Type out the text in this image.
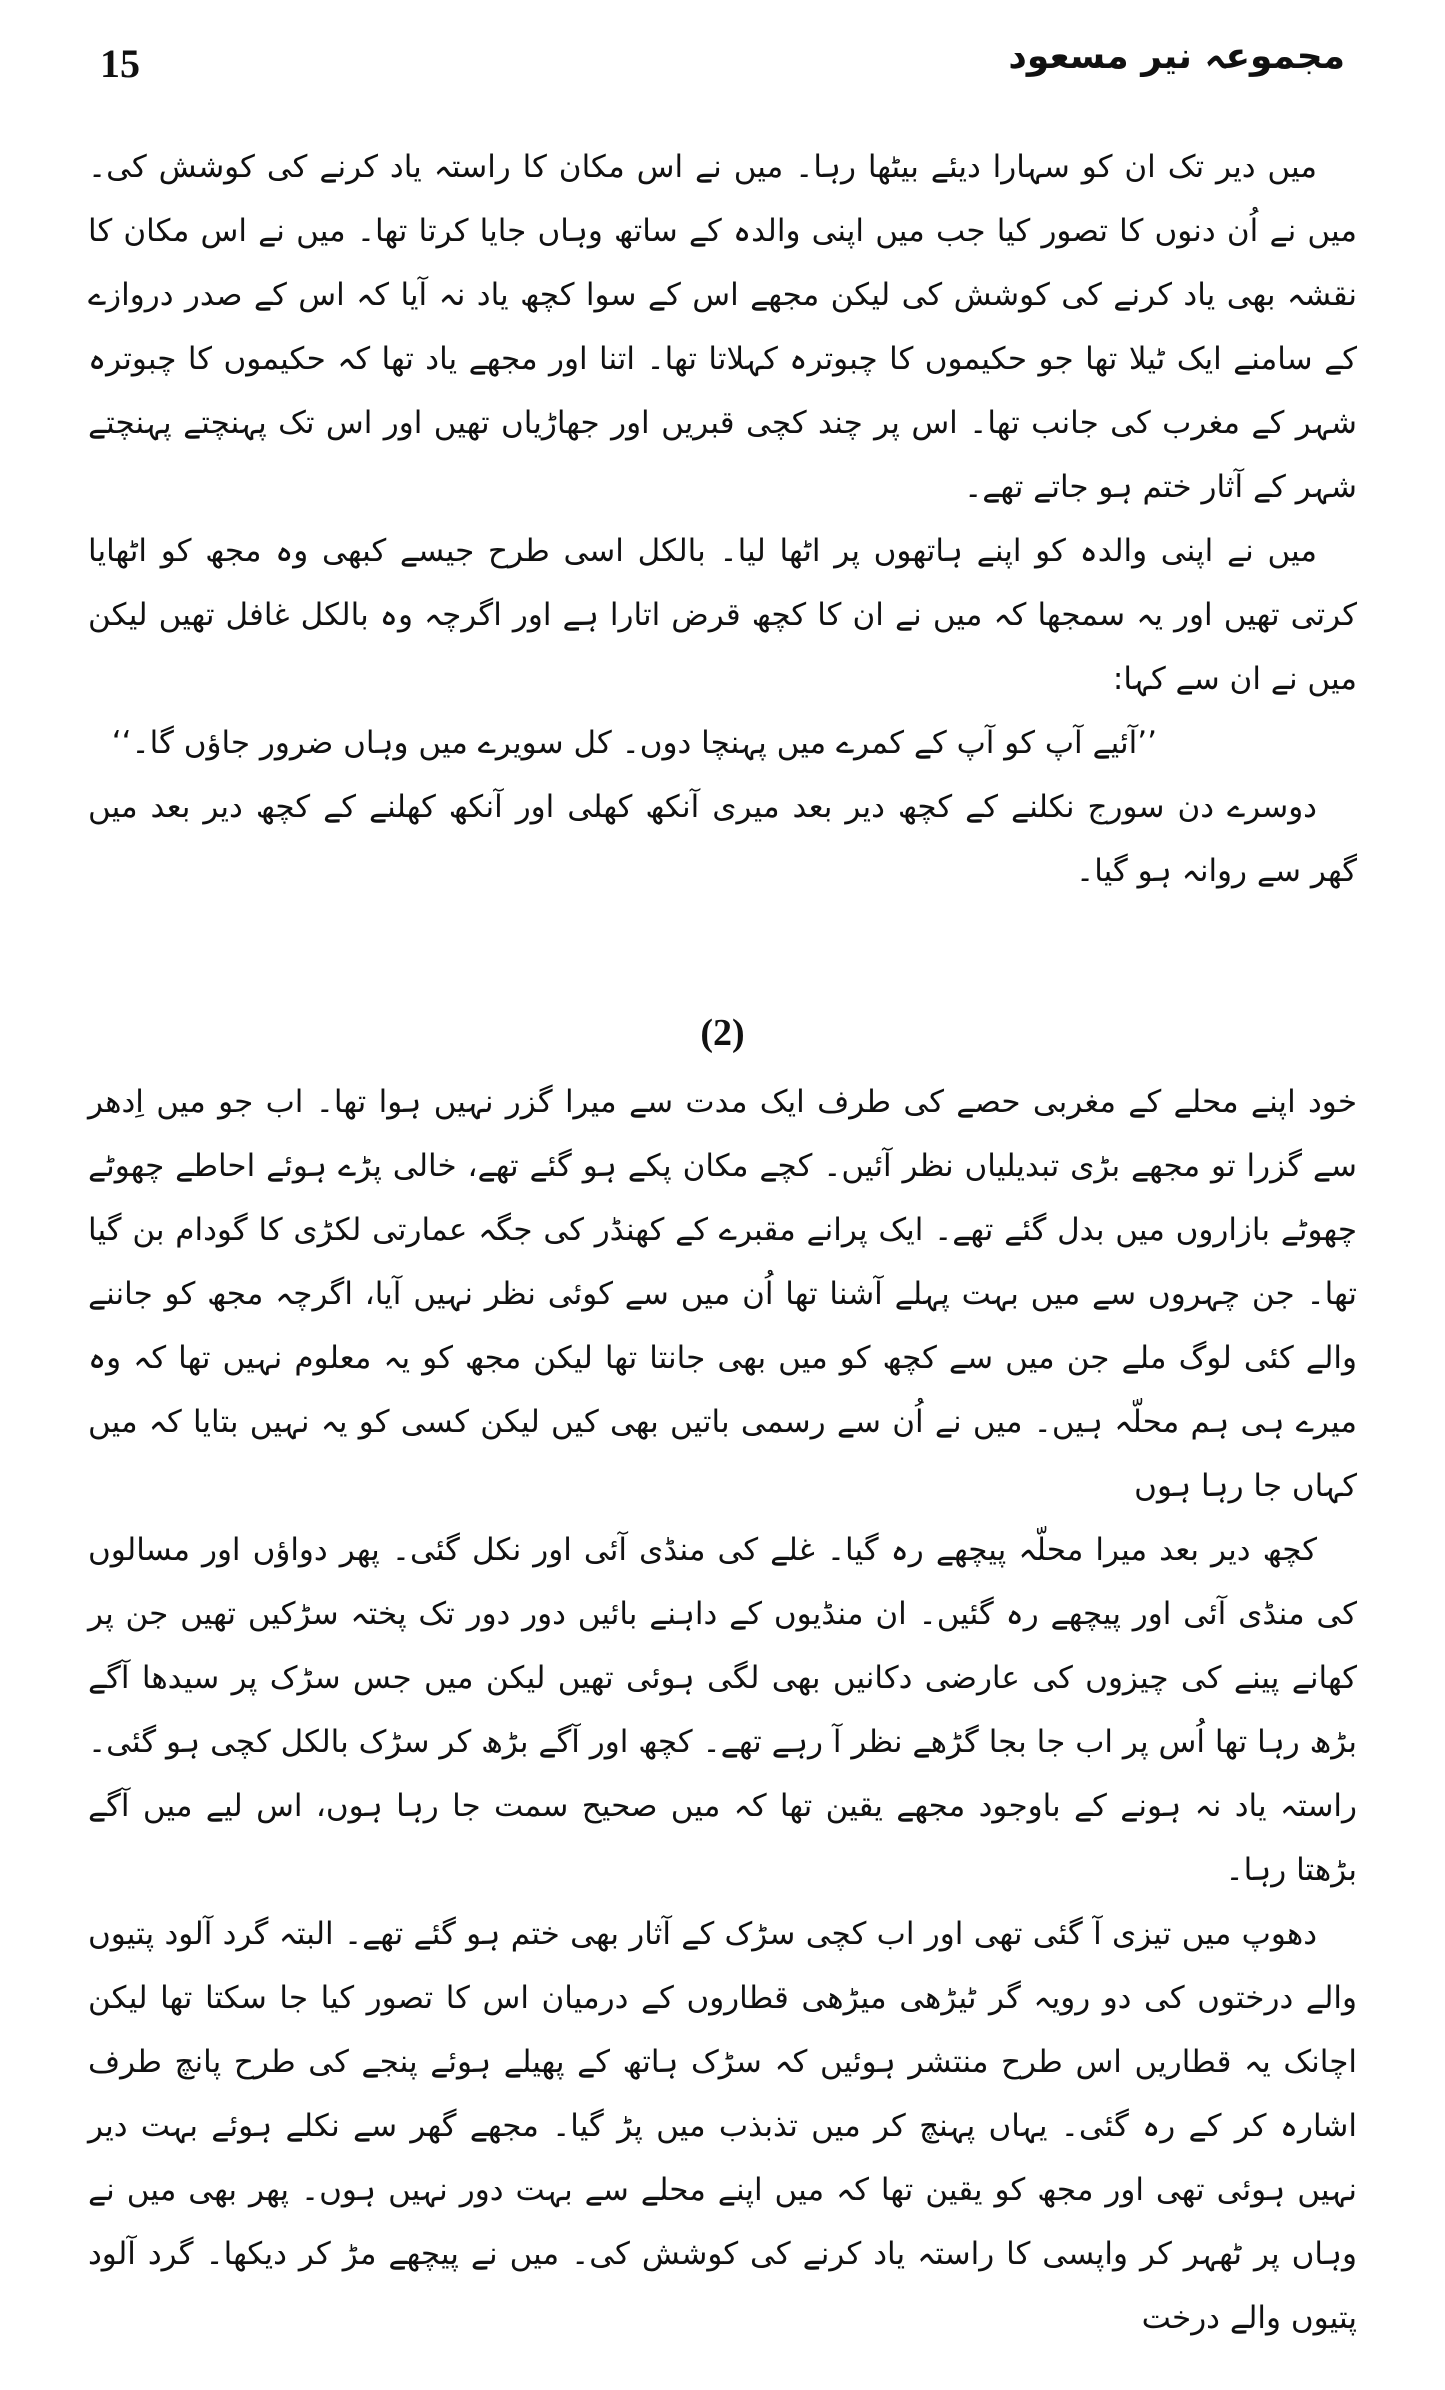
15	مجموعہ نیر مسعود

میں دیر تک ان کو سہارا دیئے بیٹھا رہا۔ میں نے اس مکان کا راستہ یاد کرنے کی کوشش کی۔ میں نے اُن دنوں کا تصور کیا جب میں اپنی والدہ کے ساتھ وہاں جایا کرتا تھا۔ میں نے اس مکان کا نقشہ بھی یاد کرنے کی کوشش کی لیکن مجھے اس کے سوا کچھ یاد نہ آیا کہ اس کے صدر دروازے کے سامنے ایک ٹیلا تھا جو حکیموں کا چبوترہ کہلاتا تھا۔ اتنا اور مجھے یاد تھا کہ حکیموں کا چبوترہ شہر کے مغرب کی جانب تھا۔ اس پر چند کچی قبریں اور جھاڑیاں تھیں اور اس تک پہنچتے پہنچتے شہر کے آثار ختم ہو جاتے تھے۔

میں نے اپنی والدہ کو اپنے ہاتھوں پر اٹھا لیا۔ بالکل اسی طرح جیسے کبھی وہ مجھ کو اٹھایا کرتی تھیں اور یہ سمجھا کہ میں نے ان کا کچھ قرض اتارا ہے اور اگرچہ وہ بالکل غافل تھیں لیکن میں نے ان سے کہا:

’’آئیے آپ کو آپ کے کمرے میں پہنچا دوں۔ کل سویرے میں وہاں ضرور جاؤں گا۔‘‘

دوسرے دن سورج نکلنے کے کچھ دیر بعد میری آنکھ کھلی اور آنکھ کھلنے کے کچھ دیر بعد میں گھر سے روانہ ہو گیا۔

(2)

خود اپنے محلے کے مغربی حصے کی طرف ایک مدت سے میرا گزر نہیں ہوا تھا۔ اب جو میں اِدھر سے گزرا تو مجھے بڑی تبدیلیاں نظر آئیں۔ کچے مکان پکے ہو گئے تھے، خالی پڑے ہوئے احاطے چھوٹے چھوٹے بازاروں میں بدل گئے تھے۔ ایک پرانے مقبرے کے کھنڈر کی جگہ عمارتی لکڑی کا گودام بن گیا تھا۔ جن چہروں سے میں بہت پہلے آشنا تھا اُن میں سے کوئی نظر نہیں آیا، اگرچہ مجھ کو جاننے والے کئی لوگ ملے جن میں سے کچھ کو میں بھی جانتا تھا لیکن مجھ کو یہ معلوم نہیں تھا کہ وہ میرے ہی ہم محلّہ ہیں۔ میں نے اُن سے رسمی باتیں بھی کیں لیکن کسی کو یہ نہیں بتایا کہ میں کہاں جا رہا ہوں

کچھ دیر بعد میرا محلّہ پیچھے رہ گیا۔ غلے کی منڈی آئی اور نکل گئی۔ پھر دواؤں اور مسالوں کی منڈی آئی اور پیچھے رہ گئیں۔ ان منڈیوں کے داہنے بائیں دور دور تک پختہ سڑکیں تھیں جن پر کھانے پینے کی چیزوں کی عارضی دکانیں بھی لگی ہوئی تھیں لیکن میں جس سڑک پر سیدھا آگے بڑھ رہا تھا اُس پر اب جا بجا گڑھے نظر آ رہے تھے۔ کچھ اور آگے بڑھ کر سڑک بالکل کچی ہو گئی۔ راستہ یاد نہ ہونے کے باوجود مجھے یقین تھا کہ میں صحیح سمت جا رہا ہوں، اس لیے میں آگے بڑھتا رہا۔

دھوپ میں تیزی آ گئی تھی اور اب کچی سڑک کے آثار بھی ختم ہو گئے تھے۔ البتہ گرد آلود پتیوں والے درختوں کی دو رویہ گر ٹیڑھی میڑھی قطاروں کے درمیان اس کا تصور کیا جا سکتا تھا لیکن اچانک یہ قطاریں اس طرح منتشر ہوئیں کہ سڑک ہاتھ کے پھیلے ہوئے پنجے کی طرح پانچ طرف اشارہ کر کے رہ گئی۔ یہاں پہنچ کر میں تذبذب میں پڑ گیا۔ مجھے گھر سے نکلے ہوئے بہت دیر نہیں ہوئی تھی اور مجھ کو یقین تھا کہ میں اپنے محلے سے بہت دور نہیں ہوں۔ پھر بھی میں نے وہاں پر ٹھہر کر واپسی کا راستہ یاد کرنے کی کوشش کی۔ میں نے پیچھے مڑ کر دیکھا۔ گرد آلود پتیوں والے درخت
